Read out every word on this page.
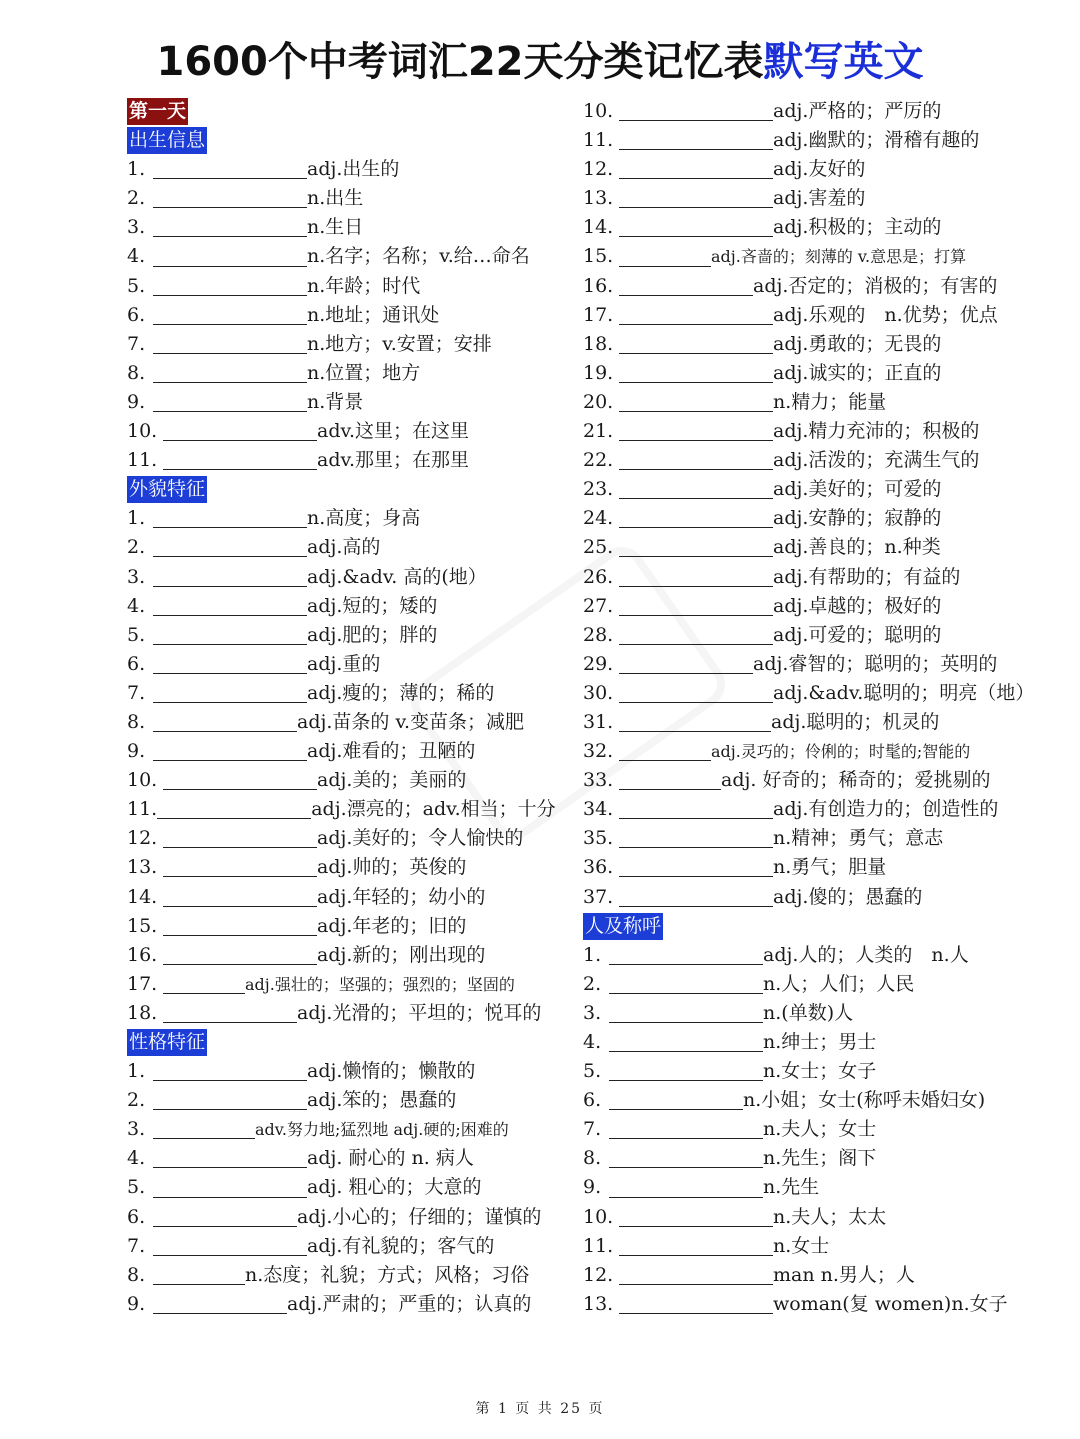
1600个中考词汇22天分类记忆表默写英文
第一天
出生信息
1.	adj.出生的
2.	n.出生
3.	n.生日
4.	n.名字；名称；v.给…命名
5.	n.年龄；时代
6.	n.地址；通讯处
7.	n.地方；v.安置；安排
8.	n.位置；地方
9.	n.背景
10.	adv.这里；在这里
11.	adv.那里；在那里
外貌特征
1.	n.高度；身高
2.	adj.高的
3.	adj.&adv. 高的(地）
4.	adj.短的；矮的
5.	adj.肥的；胖的
6.	adj.重的
7.	adj.瘦的；薄的；稀的
8.	adj.苗条的 v.变苗条；减肥
9.	adj.难看的；丑陋的
10.	adj.美的；美丽的
11.	adj.漂亮的；adv.相当；十分
12.	adj.美好的；令人愉快的
13.	adj.帅的；英俊的
14.	adj.年轻的；幼小的
15.	adj.年老的；旧的
16.	adj.新的；刚出现的
17.	adj.强壮的；坚强的；强烈的；坚固的
18.	adj.光滑的；平坦的；悦耳的
性格特征
1.	adj.懒惰的；懒散的
2.	adj.笨的；愚蠢的
3.	adv.努力地;猛烈地 adj.硬的;困难的
4.	adj. 耐心的 n. 病人
5.	adj. 粗心的；大意的
6.	adj.小心的；仔细的；谨慎的
7.	adj.有礼貌的；客气的
8.	n.态度；礼貌；方式；风格；习俗
9.	adj.严肃的；严重的；认真的
10.	adj.严格的；严厉的
11.	adj.幽默的；滑稽有趣的
12.	adj.友好的
13.	adj.害羞的
14.	adj.积极的；主动的
15.	adj.吝啬的；刻薄的 v.意思是；打算
16.	adj.否定的；消极的；有害的
17.	adj.乐观的　n.优势；优点
18.	adj.勇敢的；无畏的
19.	adj.诚实的；正直的
20.	n.精力；能量
21.	adj.精力充沛的；积极的
22.	adj.活泼的；充满生气的
23.	adj.美好的；可爱的
24.	adj.安静的；寂静的
25.	adj.善良的；n.种类
26.	adj.有帮助的；有益的
27.	adj.卓越的；极好的
28.	adj.可爱的；聪明的
29.	adj.睿智的；聪明的；英明的
30.	adj.&adv.聪明的；明亮（地）
31.	adj.聪明的；机灵的
32.	adj.灵巧的；伶俐的；时髦的;智能的
33.	adj. 好奇的；稀奇的；爱挑剔的
34.	adj.有创造力的；创造性的
35.	n.精神；勇气；意志
36.	n.勇气；胆量
37.	adj.傻的；愚蠢的
人及称呼
1.	adj.人的；人类的　n.人
2.	n.人；人们；人民
3.	n.(单数)人
4.	n.绅士；男士
5.	n.女士；女子
6.	n.小姐；女士(称呼未婚妇女)
7.	n.夫人；女士
8.	n.先生；阁下
9.	n.先生
10.	n.夫人；太太
11.	n.女士
12.	man n.男人；人
13.	woman(复 women)n.女子
第 1 页 共 25 页
